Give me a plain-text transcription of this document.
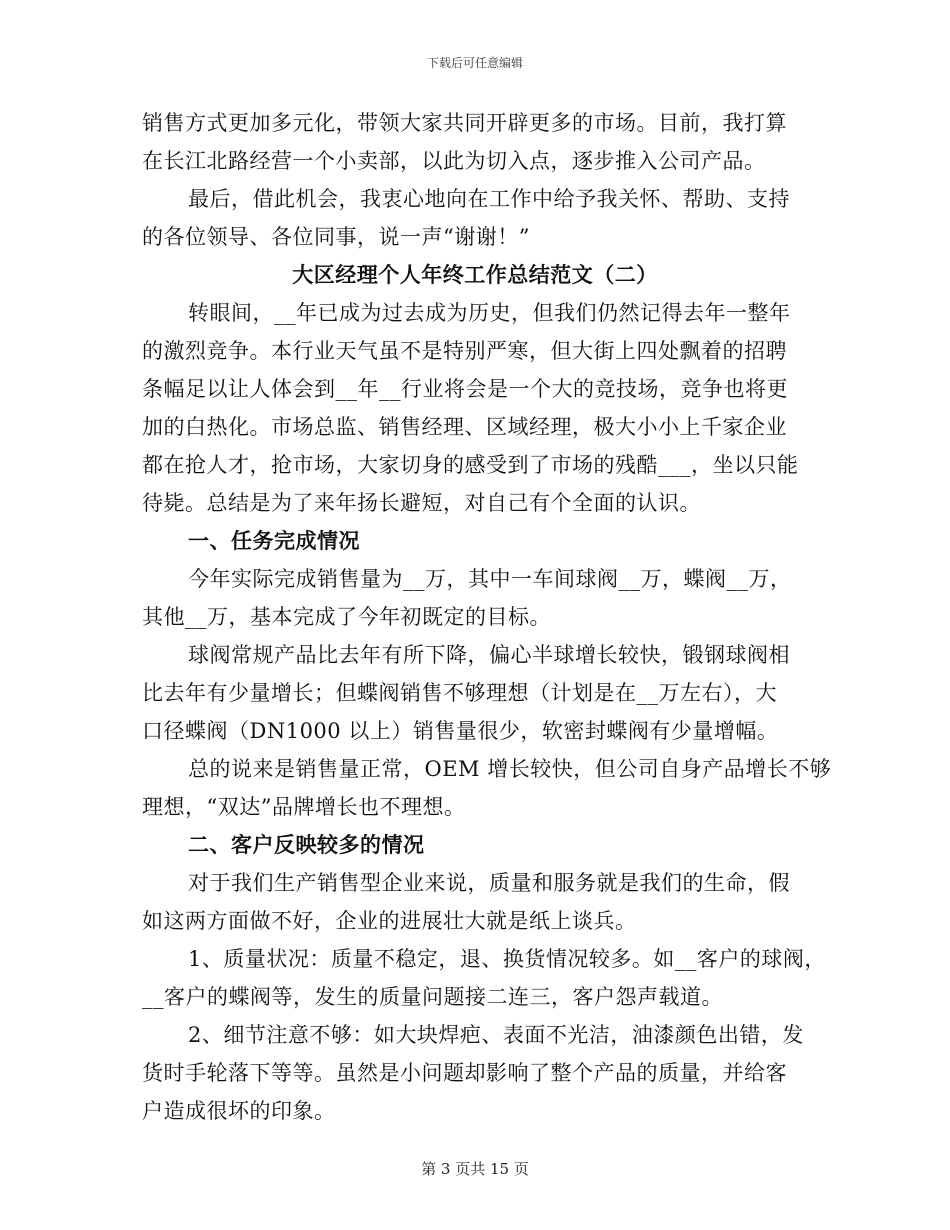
下载后可任意编辑
销售方式更加多元化，带领大家共同开辟更多的市场。目前，我打算
在长江北路经营一个小卖部，以此为切入点，逐步推入公司产品。
最后，借此机会，我衷心地向在工作中给予我关怀、帮助、支持
的各位领导、各位同事，说一声“谢谢！”
大区经理个人年终工作总结范文（二）
转眼间，__年已成为过去成为历史，但我们仍然记得去年一整年
的激烈竞争。本行业天气虽不是特别严寒，但大街上四处飘着的招聘
条幅足以让人体会到__年__行业将会是一个大的竞技场，竞争也将更
加的白热化。市场总监、销售经理、区域经理，极大小小上千家企业
都在抢人才，抢市场，大家切身的感受到了市场的残酷___，坐以只能
待毙。总结是为了来年扬长避短，对自己有个全面的认识。
一、任务完成情况
今年实际完成销售量为__万，其中一车间球阀__万，蝶阀__万，
其他__万，基本完成了今年初既定的目标。
球阀常规产品比去年有所下降，偏心半球增长较快，锻钢球阀相
比去年有少量增长；但蝶阀销售不够理想（计划是在__万左右），大
口径蝶阀（DN1000 以上）销售量很少，软密封蝶阀有少量增幅。
总的说来是销售量正常，OEM 增长较快，但公司自身产品增长不够
理想，“双达”品牌增长也不理想。
二、客户反映较多的情况
对于我们生产销售型企业来说，质量和服务就是我们的生命，假
如这两方面做不好，企业的进展壮大就是纸上谈兵。
1、质量状况：质量不稳定，退、换货情况较多。如__客户的球阀，
__客户的蝶阀等，发生的质量问题接二连三，客户怨声载道。
2、细节注意不够：如大块焊疤、表面不光洁，油漆颜色出错，发
货时手轮落下等等。虽然是小问题却影响了整个产品的质量，并给客
户造成很坏的印象。
第 3 页共 15 页
